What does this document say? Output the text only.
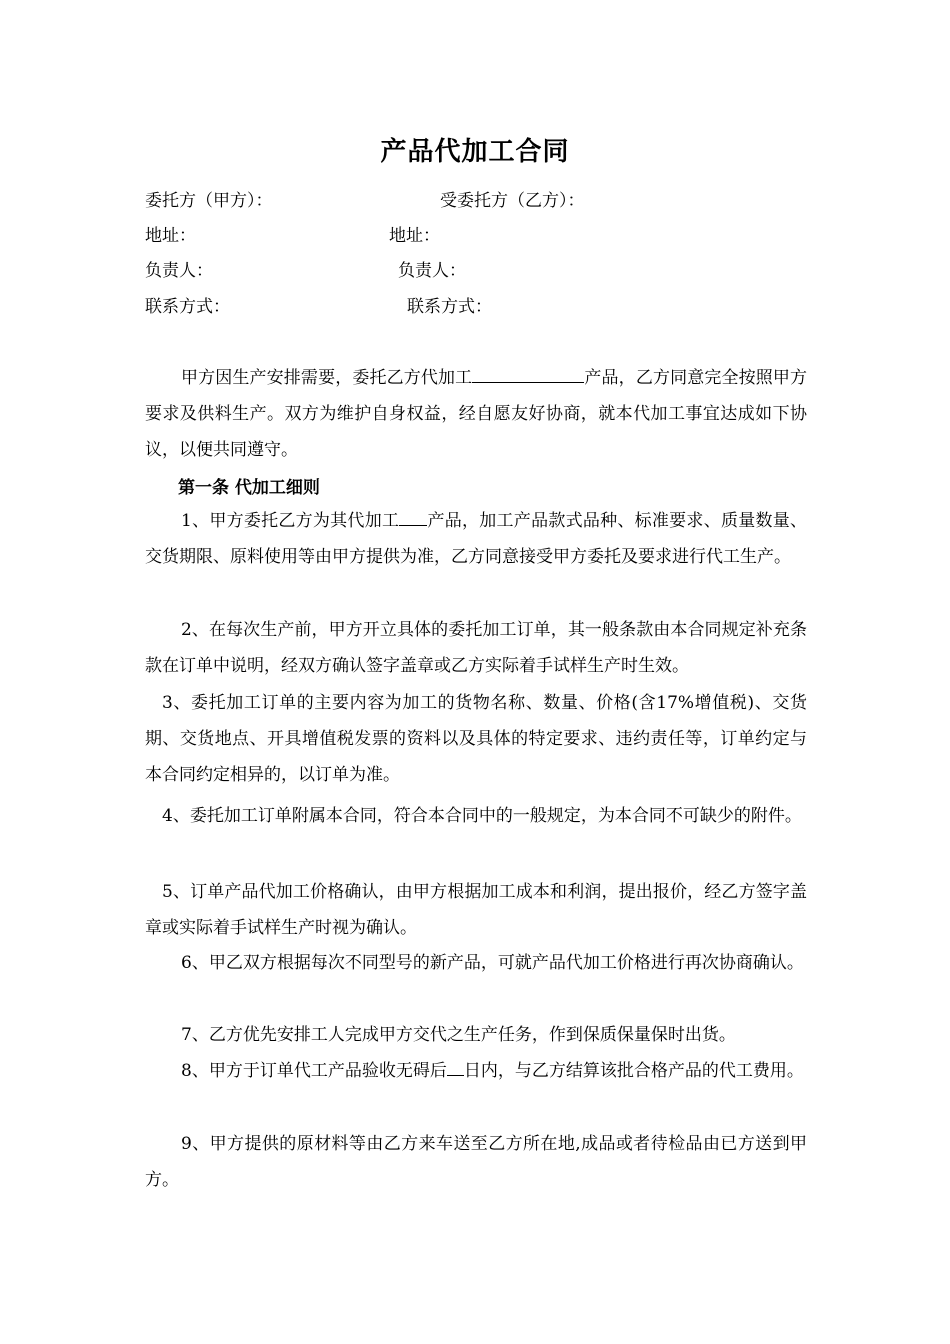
产品代加工合同
委托方（甲方）：	受委托方（乙方）：
地址：	地址：
负责人：	负责人：
联系方式：	联系方式：
甲方因生产安排需要，委托乙方代加工	产品，乙方同意完全按照甲方要求及供料生产。双方为维护自身权益，经自愿友好协商，就本代加工事宜达成如下协议，以便共同遵守。
第一条 代加工细则
1、甲方委托乙方为其代加工 产品，加工产品款式品种、标准要求、质量数量、交货期限、原料使用等由甲方提供为准，乙方同意接受甲方委托及要求进行代工生产。
2、在每次生产前，甲方开立具体的委托加工订单，其一般条款由本合同规定补充条款在订单中说明，经双方确认签字盖章或乙方实际着手试样生产时生效。
3、委托加工订单的主要内容为加工的货物名称、数量、价格(含17%增值税)、交货期、交货地点、开具增值税发票的资料以及具体的特定要求、违约责任等，订单约定与本合同约定相异的，以订单为准。
4、委托加工订单附属本合同，符合本合同中的一般规定，为本合同不可缺少的附件。
5、订单产品代加工价格确认，由甲方根据加工成本和利润，提出报价，经乙方签字盖章或实际着手试样生产时视为确认。
6、甲乙双方根据每次不同型号的新产品，可就产品代加工价格进行再次协商确认。
7、乙方优先安排工人完成甲方交代之生产任务，作到保质保量保时出货。
8、甲方于订单代工产品验收无碍后 日内，与乙方结算该批合格产品的代工费用。
9、甲方提供的原材料等由乙方来车送至乙方所在地,成品或者待检品由已方送到甲方。
